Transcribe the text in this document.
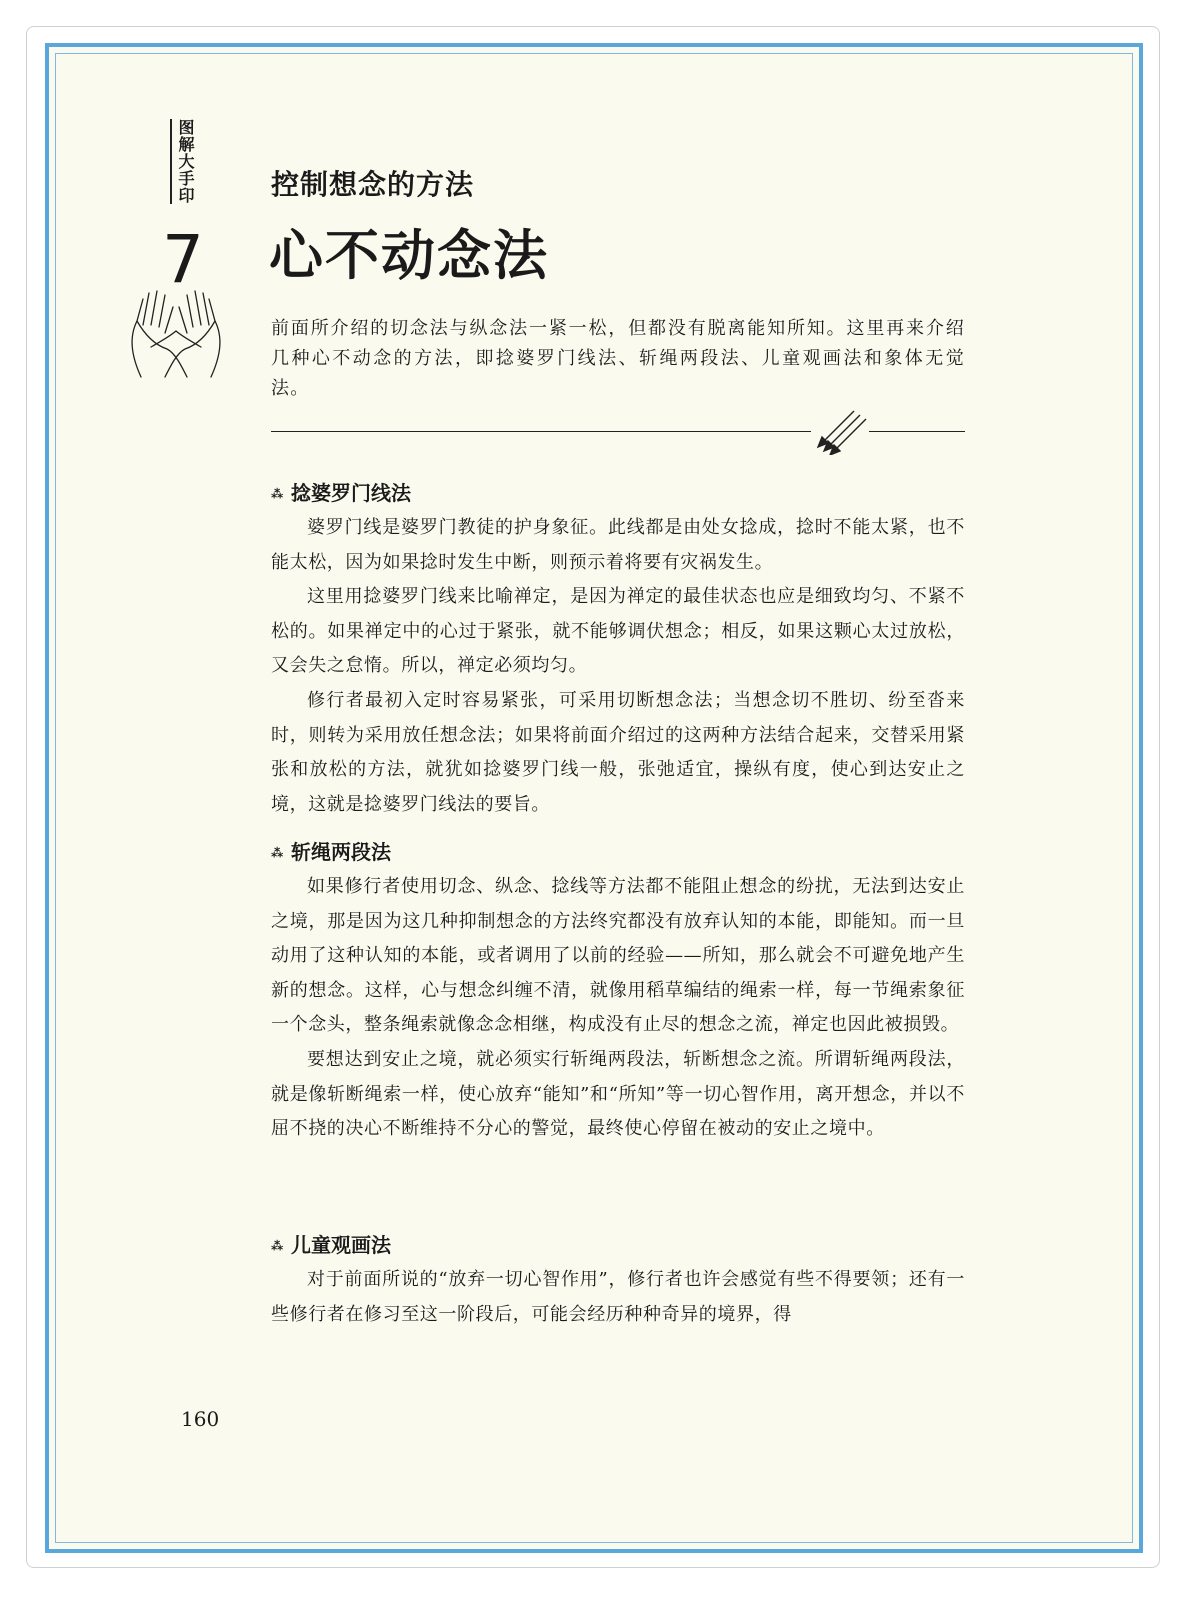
图解大手印
7
控制想念的方法
心不动念法
前面所介绍的切念法与纵念法一紧一松，但都没有脱离能知所知。这里再来介绍几种心不动念的方法，即捻婆罗门线法、斩绳两段法、儿童观画法和象体无觉法。
⁂ 捻婆罗门线法

婆罗门线是婆罗门教徒的护身象征。此线都是由处女捻成，捻时不能太紧，也不能太松，因为如果捻时发生中断，则预示着将要有灾祸发生。

这里用捻婆罗门线来比喻禅定，是因为禅定的最佳状态也应是细致均匀、不紧不松的。如果禅定中的心过于紧张，就不能够调伏想念；相反，如果这颗心太过放松，又会失之怠惰。所以，禅定必须均匀。

修行者最初入定时容易紧张，可采用切断想念法；当想念切不胜切、纷至沓来时，则转为采用放任想念法；如果将前面介绍过的这两种方法结合起来，交替采用紧张和放松的方法，就犹如捻婆罗门线一般，张弛适宜，操纵有度，使心到达安止之境，这就是捻婆罗门线法的要旨。

⁂ 斩绳两段法

如果修行者使用切念、纵念、捻线等方法都不能阻止想念的纷扰，无法到达安止之境，那是因为这几种抑制想念的方法终究都没有放弃认知的本能，即能知。而一旦动用了这种认知的本能，或者调用了以前的经验——所知，那么就会不可避免地产生新的想念。这样，心与想念纠缠不清，就像用稻草编结的绳索一样，每一节绳索象征一个念头，整条绳索就像念念相继，构成没有止尽的想念之流，禅定也因此被损毁。

要想达到安止之境，就必须实行斩绳两段法，斩断想念之流。所谓斩绳两段法，就是像斩断绳索一样，使心放弃“能知”和“所知”等一切心智作用，离开想念，并以不屈不挠的决心不断维持不分心的警觉，最终使心停留在被动的安止之境中。

⁂ 儿童观画法

对于前面所说的“放弃一切心智作用”，修行者也许会感觉有些不得要领；还有一些修行者在修习至这一阶段后，可能会经历种种奇异的境界，得

160
